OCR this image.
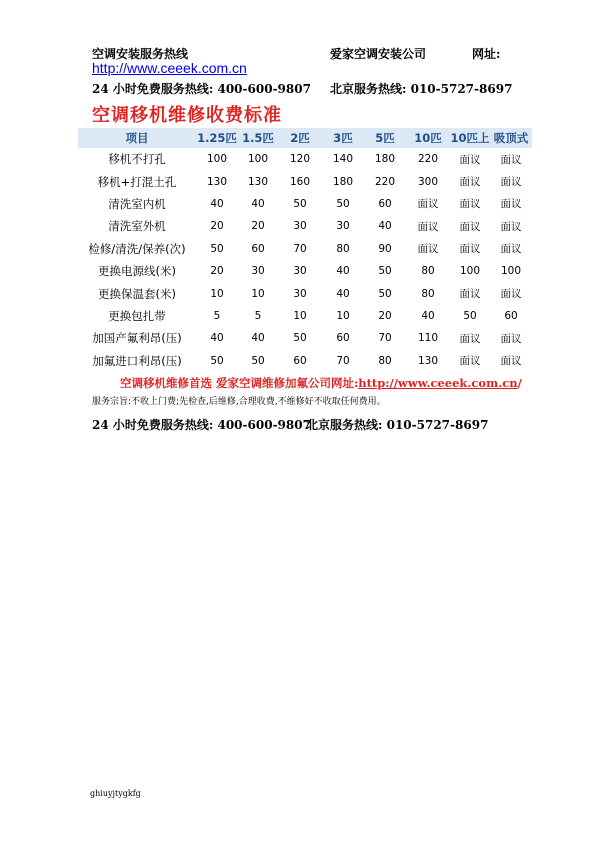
空调安装服务热线	爱家空调安装公司	网址:
http://www.ceeek.com.cn
24 小时免费服务热线: 400-600-9807 北京服务热线: 010-5727-8697
空调移机维修收费标准
项目	1.25匹	1.5匹	2匹	3匹	5匹	10匹	10匹上	吸顶式
移机不打孔	100	100	120	140	180	220	面议	面议
移机+打混土孔	130	130	160	180	220	300	面议	面议
清洗室内机	40	40	50	50	60	面议	面议	面议
清洗室外机	20	20	30	30	40	面议	面议	面议
检修/清洗/保养(次)	50	60	70	80	90	面议	面议	面议
更换电源线(米)	20	30	30	40	50	80	100	100
更换保温套(米)	10	10	30	40	50	80	面议	面议
更换包扎带	5	5	10	10	20	40	50	60
加国产氟利昂(压)	40	40	50	60	70	110	面议	面议
加氟进口利昂(压)	50	50	60	70	80	130	面议	面议
空调移机维修首选 爱家空调维修加氟公司网址:http://www.ceeek.com.cn/
服务宗旨:不收上门费;先检查,后维修,合理收费,不维修好不收取任何费用。
24 小时免费服务热线: 400-600-9807
北京服务热线: 010-5727-8697
ghiuyjtygkfg
